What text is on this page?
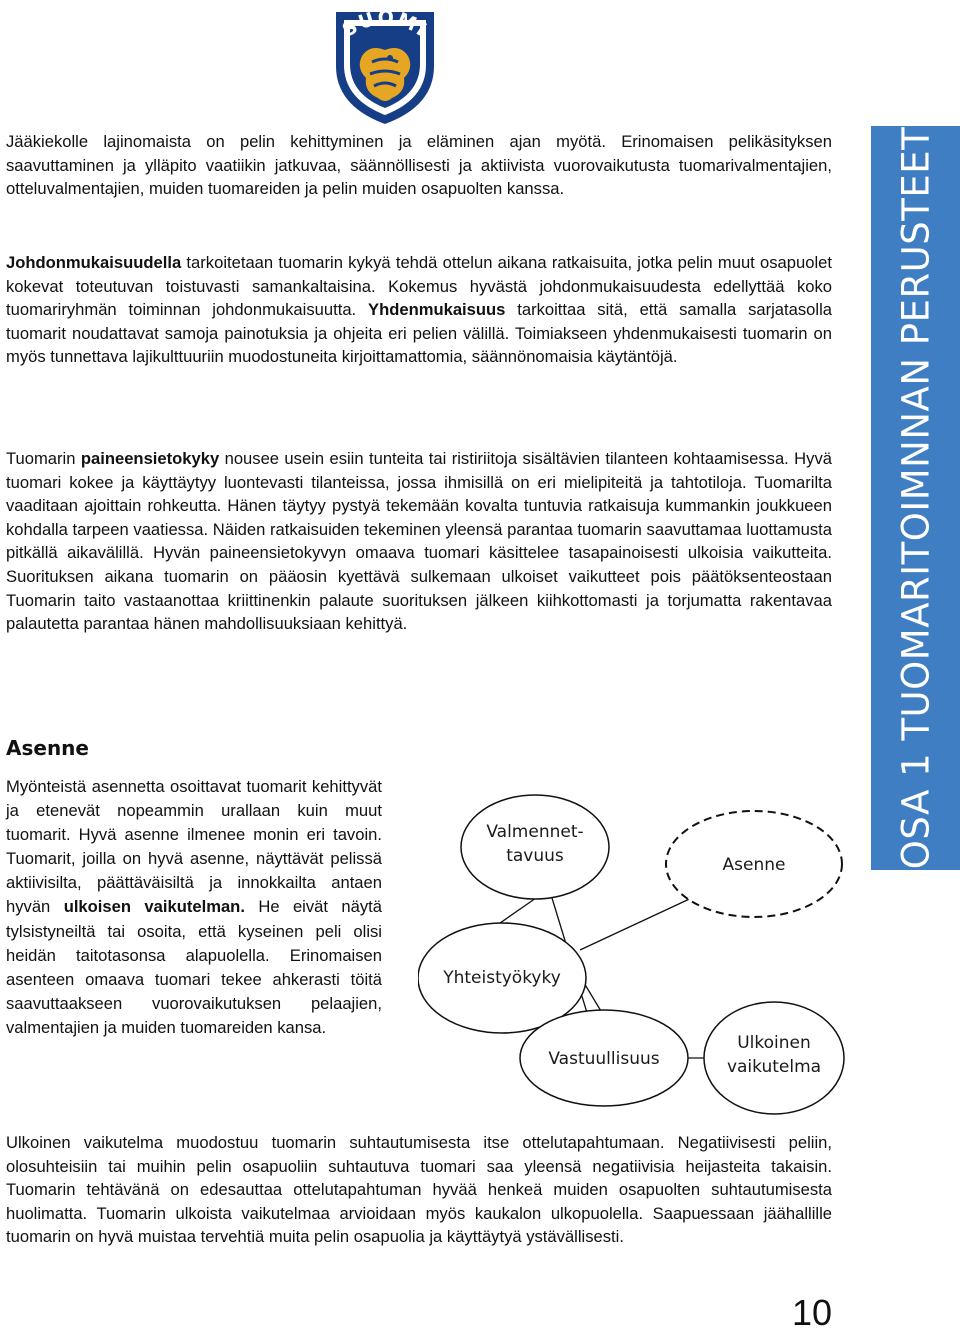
SUOMI
OSA 1 TUOMARITOIMNNAN PERUSTEET

Jääkiekolle lajinomaista on pelin kehittyminen ja eläminen ajan myötä. Erinomaisen pelikäsityksen saavuttaminen ja ylläpito vaatiikin jatkuvaa, säännöllisesti ja aktiivista vuorovaikutusta tuomarivalmentajien, otteluvalmentajien, muiden tuomareiden ja pelin muiden osapuolten kanssa.

Johdonmukaisuudella tarkoitetaan tuomarin kykyä tehdä ottelun aikana ratkaisuita, jotka pelin muut osapuolet kokevat toteutuvan toistuvasti samankaltaisina. Kokemus hyvästä johdonmukaisuudesta edellyttää koko tuomariryhmän toiminnan johdonmukaisuutta. Yhdenmukaisuus tarkoittaa sitä, että samalla sarjatasolla tuomarit noudattavat samoja painotuksia ja ohjeita eri pelien välillä. Toimiakseen yhdenmukaisesti tuomarin on myös tunnettava lajikulttuuriin muodostuneita kirjoittamattomia, säännönomaisia käytäntöjä.

Tuomarin paineensietokyky nousee usein esiin tunteita tai ristiriitoja sisältävien tilanteen kohtaamisessa. Hyvä tuomari kokee ja käyttäytyy luontevasti tilanteissa, jossa ihmisillä on eri mielipiteitä ja tahtotiloja. Tuomarilta vaaditaan ajoittain rohkeutta. Hänen täytyy pystyä tekemään kovalta tuntuvia ratkaisuja kummankin joukkueen kohdalla tarpeen vaatiessa. Näiden ratkaisuiden tekeminen yleensä parantaa tuomarin saavuttamaa luottamusta pitkällä aikavälillä. Hyvän paineensietokyvyn omaava tuomari käsittelee tasapainoisesti ulkoisia vaikutteita. Suorituksen aikana tuomarin on pääosin kyettävä sulkemaan ulkoiset vaikutteet pois päätöksenteostaan Tuomarin taito vastaanottaa kriittinenkin palaute suorituksen jälkeen kiihkottomasti ja torjumatta rakentavaa palautetta parantaa hänen mahdollisuuksiaan kehittyä.

Asenne

Myönteistä asennetta osoittavat tuomarit kehittyvät ja etenevät nopeammin urallaan kuin muut tuomarit. Hyvä asenne ilmenee monin eri tavoin. Tuomarit, joilla on hyvä asenne, näyttävät pelissä aktiivisilta, päättäväisiltä ja innokkailta antaen hyvän ulkoisen vaikutelman. He eivät näytä tylsistyneiltä tai osoita, että kyseinen peli olisi heidän taitotasonsa alapuolella. Erinomaisen asenteen omaava tuomari tekee ahkerasti töitä saavuttaakseen vuorovaikutuksen pelaajien, valmentajien ja muiden tuomareiden kansa.

Valmennet-
tavuus	Asenne
Yhteistyökyky
Vastuullisuus
Ulkoinen
vaikutelma

Ulkoinen vaikutelma muodostuu tuomarin suhtautumisesta itse ottelutapahtumaan. Negatiivisesti peliin, olosuhteisiin tai muihin pelin osapuoliin suhtautuva tuomari saa yleensä negatiivisia heijasteita takaisin. Tuomarin tehtävänä on edesauttaa ottelutapahtuman hyvää henkeä muiden osapuolten suhtautumisesta huolimatta. Tuomarin ulkoista vaikutelmaa arvioidaan myös kaukalon ulkopuolella. Saapuessaan jäähallille tuomarin on hyvä muistaa tervehtiä muita pelin osapuolia ja käyttäytyä ystävällisesti.

10
